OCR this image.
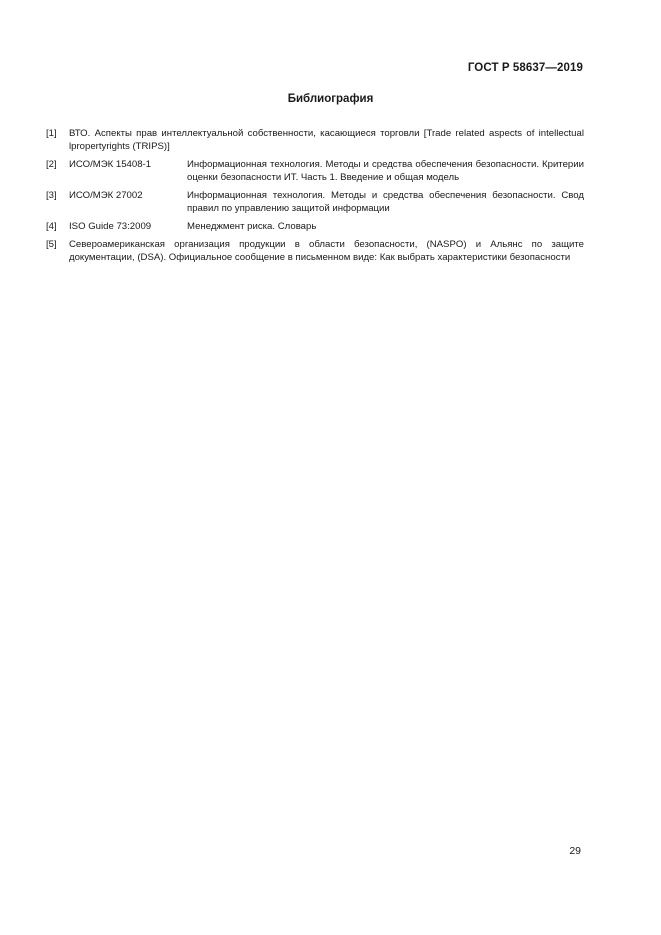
ГОСТ Р 58637—2019
Библиография
[1]	ВТО. Аспекты прав интеллектуальной собственности, касающиеся торговли [Trade related aspects of intellectual lpropertyrights (TRIPS)]
[2]	ИСО/МЭК 15408-1	Информационная технология. Методы и средства обеспечения безопасности. Критерии оценки безопасности ИТ. Часть 1. Введение и общая модель
[3]	ИСО/МЭК 27002	Информационная технология. Методы и средства обеспечения безопасности. Свод правил по управлению защитой информации
[4]	ISO Guide 73:2009	Менеджмент риска. Словарь
[5]	Североамериканская организация продукции в области безопасности, (NASPO) и Альянс по защите документации, (DSA). Официальное сообщение в письменном виде: Как выбрать характеристики безопасности
29
